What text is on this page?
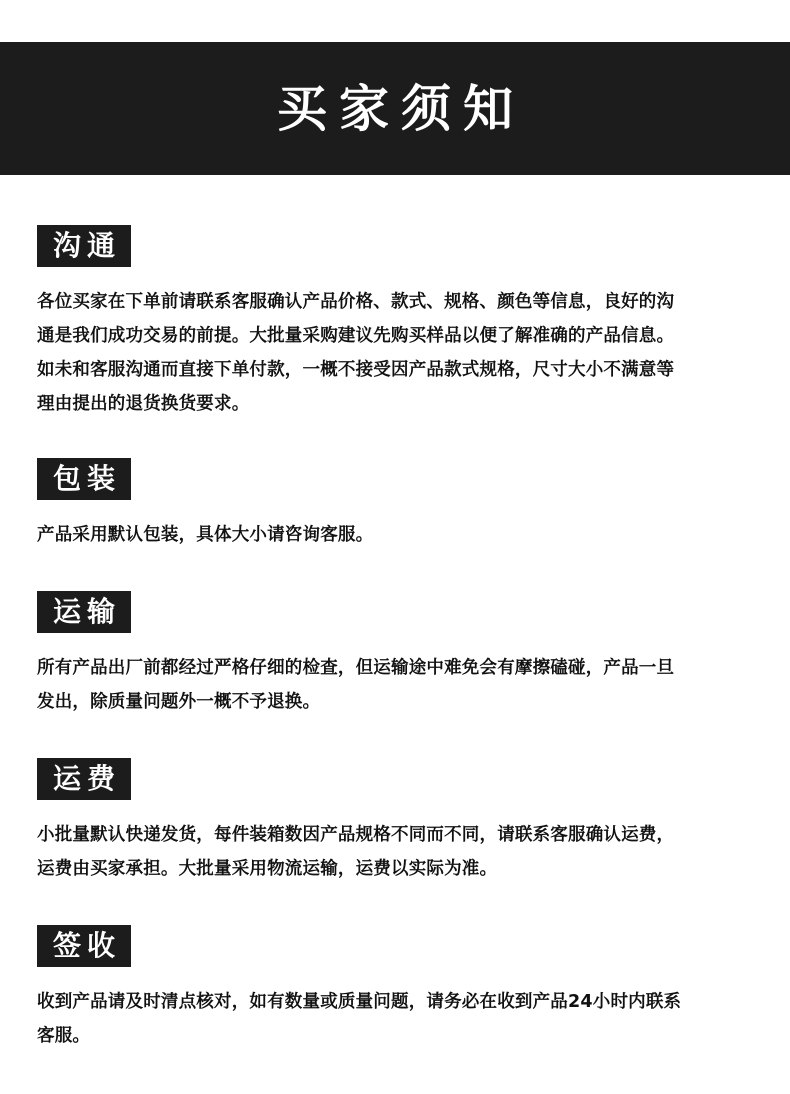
买家须知
沟通
各位买家在下单前请联系客服确认产品价格、款式、规格、颜色等信息，良好的沟
通是我们成功交易的前提。大批量采购建议先购买样品以便了解准确的产品信息。
如未和客服沟通而直接下单付款，一概不接受因产品款式规格，尺寸大小不满意等
理由提出的退货换货要求。
包装
产品采用默认包装，具体大小请咨询客服。
运输
所有产品出厂前都经过严格仔细的检查，但运输途中难免会有摩擦磕碰，产品一旦
发出，除质量问题外一概不予退换。
运费
小批量默认快递发货，每件装箱数因产品规格不同而不同，请联系客服确认运费，
运费由买家承担。大批量采用物流运输，运费以实际为准。
签收
收到产品请及时清点核对，如有数量或质量问题，请务必在收到产品24小时内联系
客服。
